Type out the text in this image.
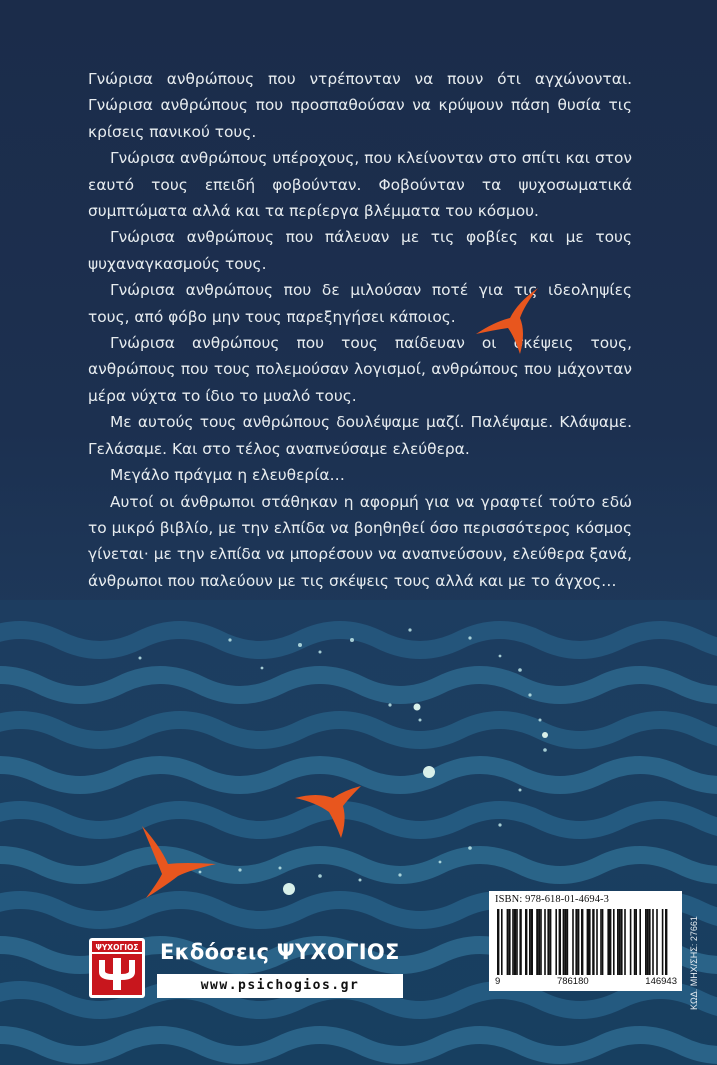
Γνώρισα ανθρώπους που ντρέπονταν να πουν ότι αγχώνονται. Γνώρισα ανθρώπους που προσπαθούσαν να κρύψουν πάση θυσία τις κρίσεις πανικού τους.

Γνώρισα ανθρώπους υπέροχους, που κλείνονταν στο σπίτι και στον εαυτό τους επειδή φοβούνταν. Φοβούνταν τα ψυχοσωματικά συμπτώματα αλλά και τα περίεργα βλέμματα του κόσμου.

Γνώρισα ανθρώπους που πάλευαν με τις φοβίες και με τους ψυχαναγκασμούς τους.

Γνώρισα ανθρώπους που δε μιλούσαν ποτέ για τις ιδεοληψίες τους, από φόβο μην τους παρεξηγήσει κάποιος.

Γνώρισα ανθρώπους που τους παίδευαν οι σκέψεις τους, ανθρώπους που τους πολεμούσαν λογισμοί, ανθρώπους που μάχονταν μέρα νύχτα το ίδιο το μυαλό τους.

Με αυτούς τους ανθρώπους δουλέψαμε μαζί. Παλέψαμε. Κλάψαμε. Γελάσαμε. Και στο τέλος αναπνεύσαμε ελεύθερα.

Μεγάλο πράγμα η ελευθερία…

Αυτοί οι άνθρωποι στάθηκαν η αφορμή για να γραφτεί τούτο εδώ το μικρό βιβλίο, με την ελπίδα να βοηθηθεί όσο περισσότερος κόσμος γίνεται· με την ελπίδα να μπορέσουν να αναπνεύσουν, ελεύθερα ξανά, άνθρωποι που παλεύουν με τις σκέψεις τους αλλά και με το άγχος…

ΨΥΧΟΓΙΟΣ Εκδόσεις ΨΥΧΟΓΙΟΣ
www.psichogios.gr
ISBN: 978-618-01-4694-3
9	786180	146943 ΚΩΔ. ΜΗΧ/ΣΗΣ: 27661
